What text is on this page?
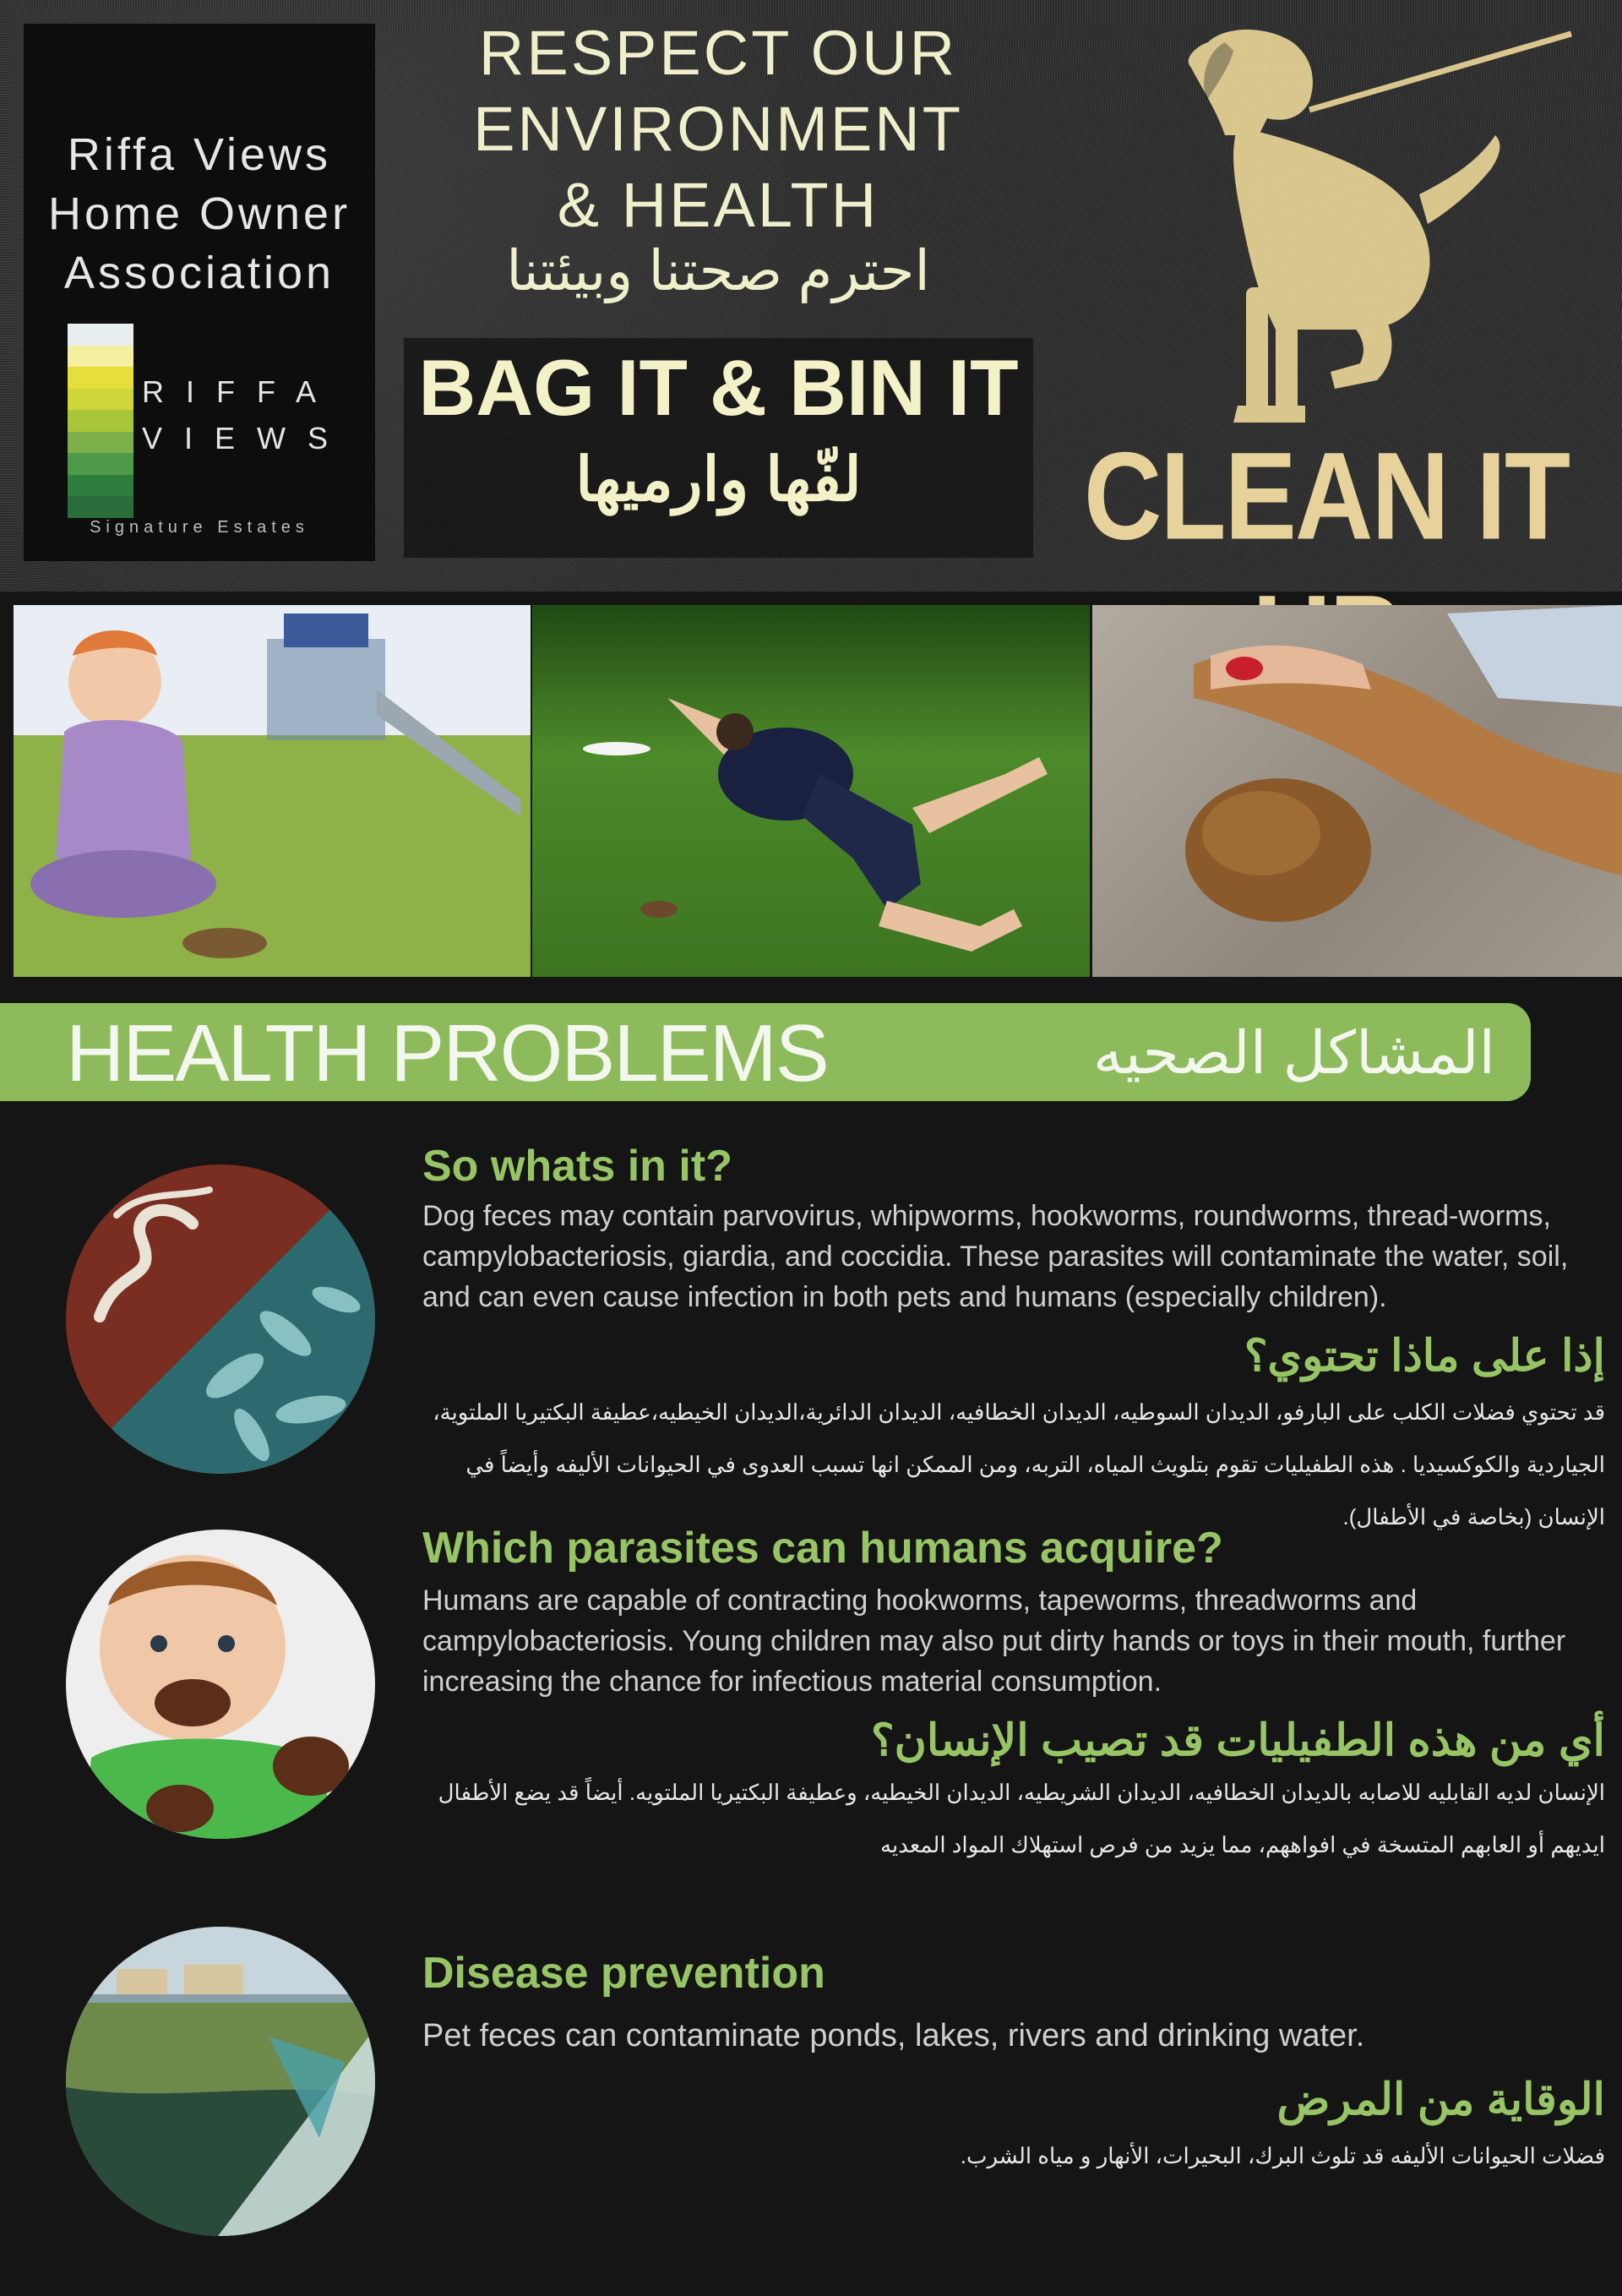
Riffa Views
Home Owner
Association
RIFFA
VIEWS
Signature Estates
RESPECT OUR
ENVIRONMENT
& HEALTH
احترم صحتنا وبيئتنا
BAG IT & BIN IT
لفّها وارميها	CLEAN IT
HEALTH PROBLEMS	المشاكل الصحيه
So whats in it?

Dog feces may contain parvovirus, whipworms, hookworms, roundworms, thread-worms, campylobacteriosis, giardia, and coccidia. These parasites will contaminate the water, soil, and can even cause infection in both pets and humans (especially children).

إذا على ماذا تحتوي؟
قد تحتوي فضلات الكلب على البارفو، الديدان السوطيه، الديدان الخطافيه، الديدان الدائرية،الديدان الخيطيه،عطيفة البكتيريا الملتوية، الجياردية والكوكسيديا . هذه الطفيليات تقوم بتلويث المياه، التربه، ومن الممكن انها تسبب العدوى في الحيوانات الأليفه وأيضاً في الإنسان (بخاصة في الأطفال).
Which parasites can humans acquire?

Humans are capable of contracting hookworms, tapeworms, threadworms and campylobacteriosis. Young children may also put dirty hands or toys in their mouth, further increasing the chance for infectious material consumption.

أي من هذه الطفيليات قد تصيب الإنسان؟
الإنسان لديه القابليه للاصابه بالديدان الخطافيه، الديدان الشريطيه، الديدان الخيطيه، وعطيفة البكتيريا الملتويه. أيضاً قد يضع الأطفال ايديهم أو العابهم المتسخة في افواههم، مما يزيد من فرص استهلاك المواد المعديه
Disease prevention

Pet feces can contaminate ponds, lakes, rivers and drinking water.

الوقاية من المرض
فضلات الحيوانات الأليفه قد تلوث البرك، البحيرات، الأنهار و مياه الشرب.
